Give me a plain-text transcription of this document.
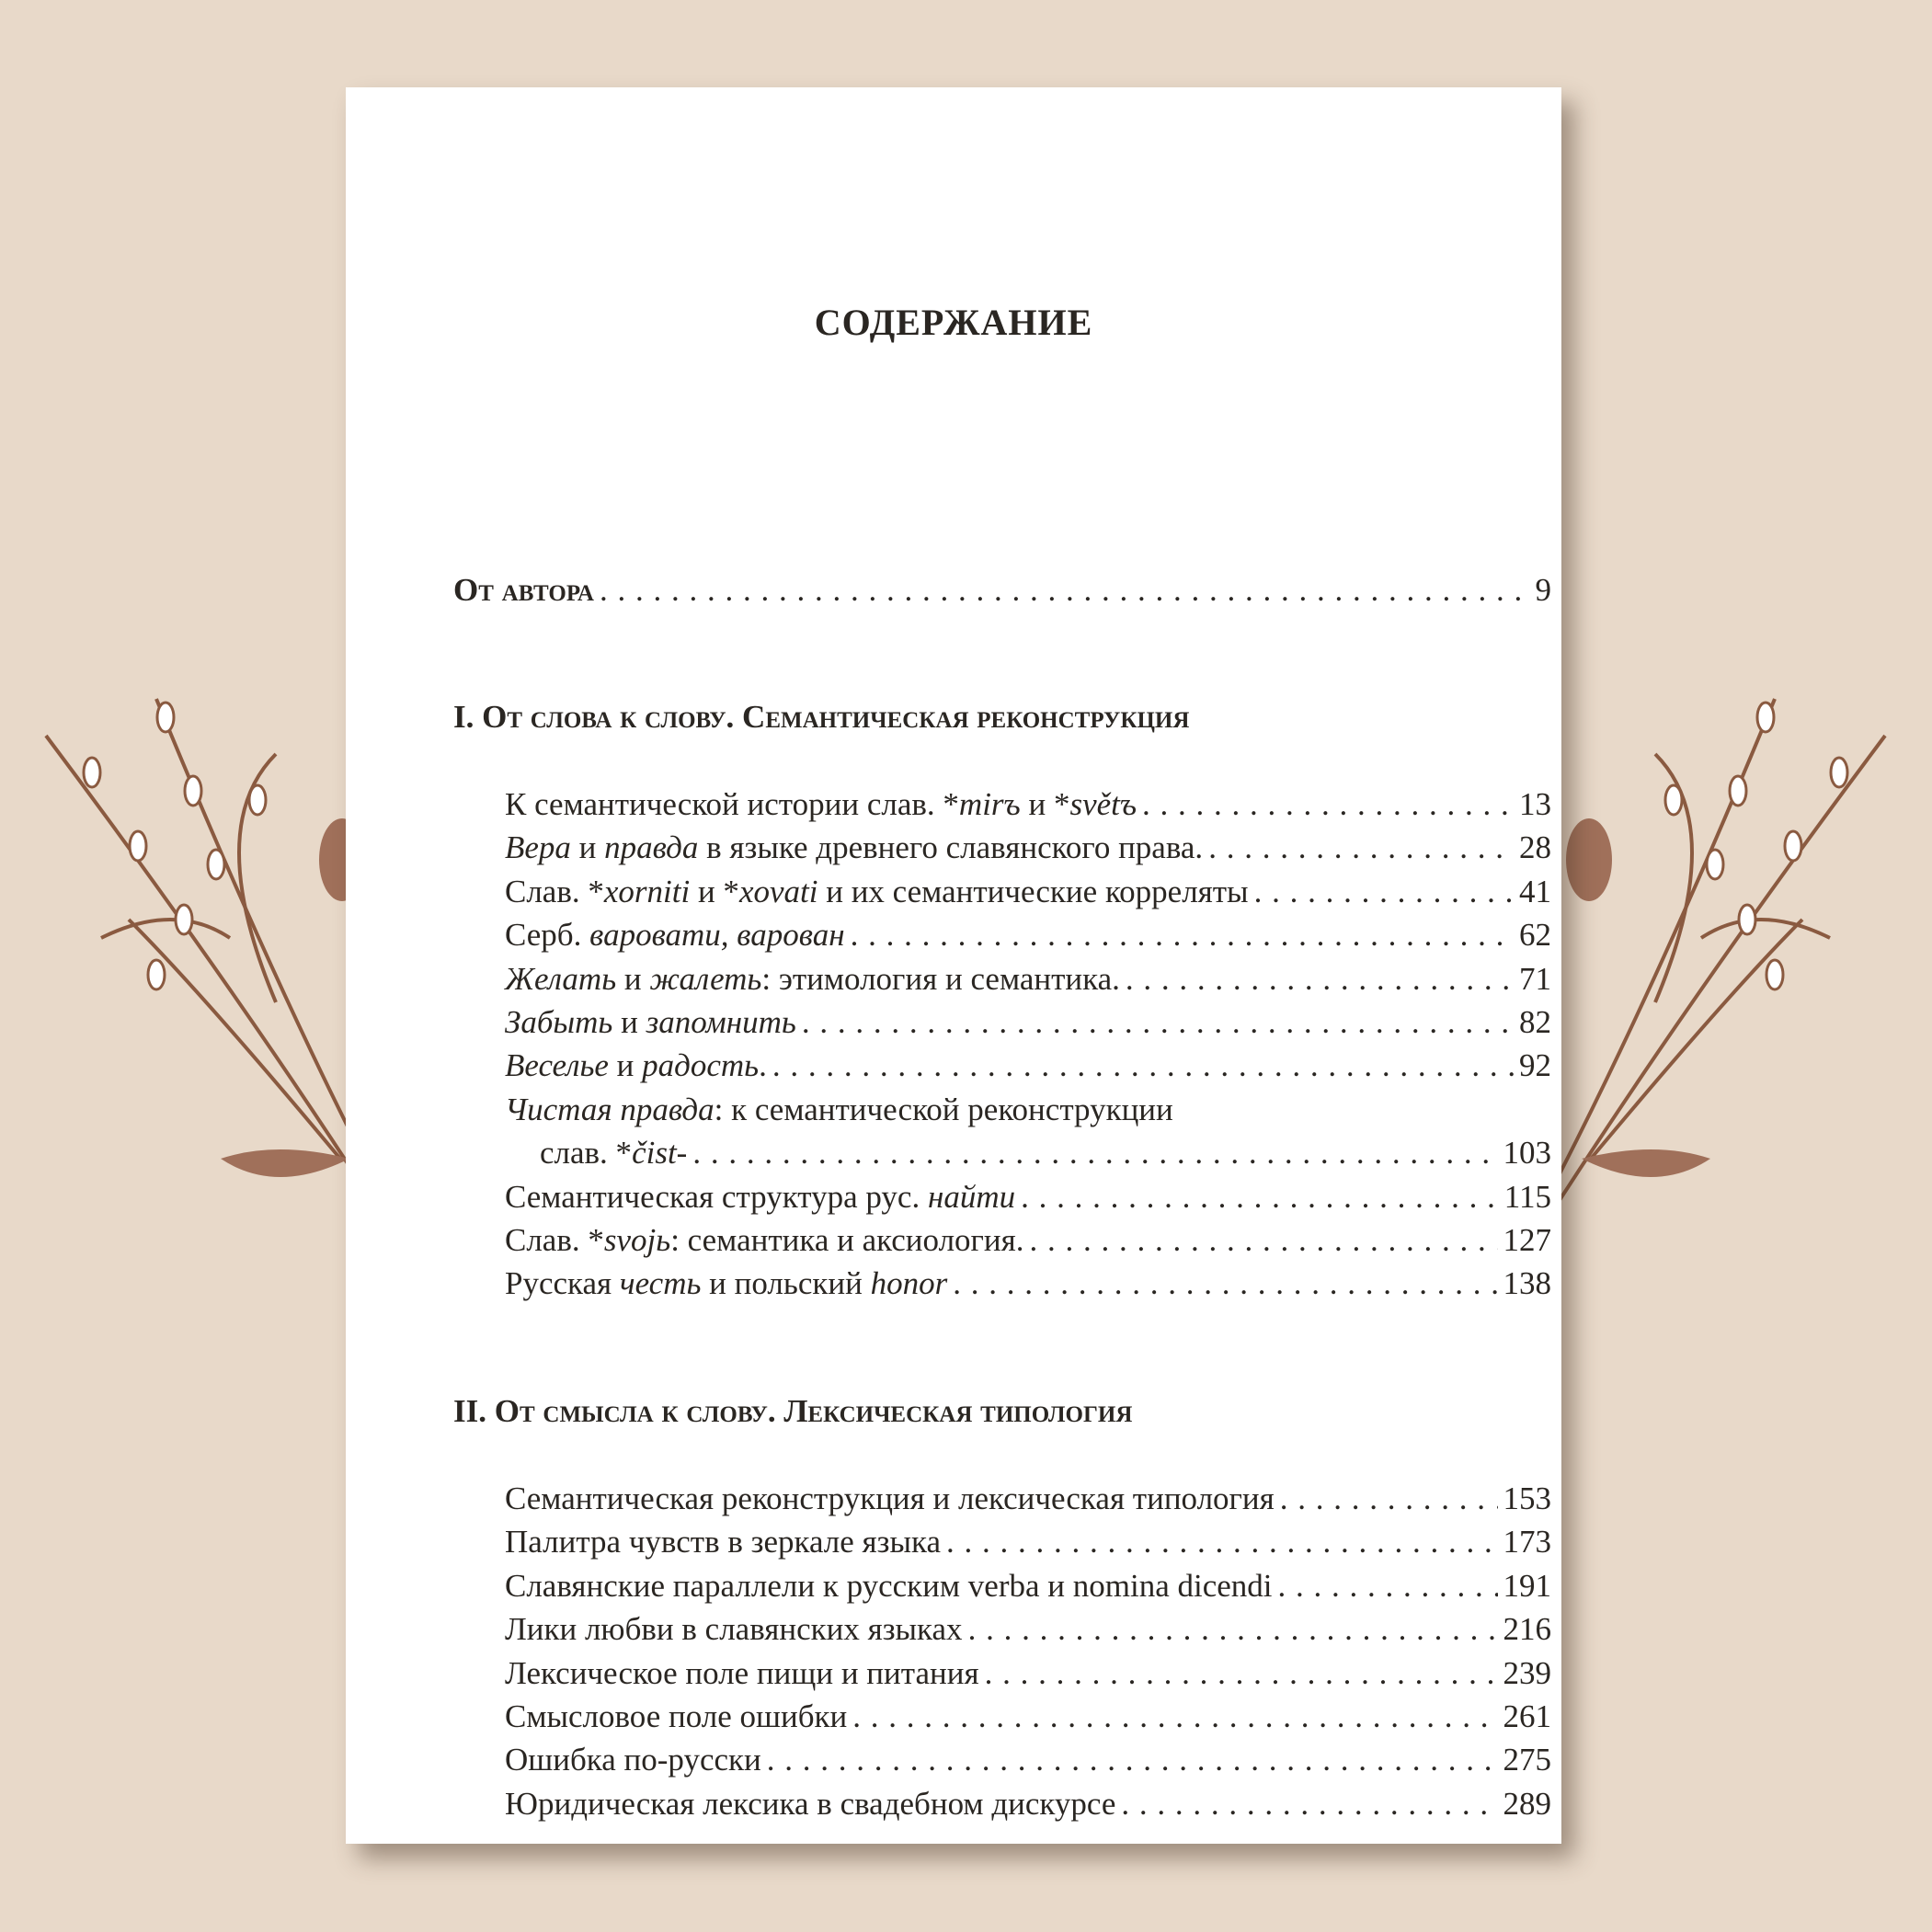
СОДЕРЖАНИЕ
От автора . . .	9
I. От слова к слову. Семантическая реконструкция
К семантической истории слав. *mirъ и *světъ . . .	13
Вера и правда в языке древнего славянского права. . . .	28
Слав. *xorniti и *xovati и их семантические корреляты . . .	41
Серб. варовати, варован . . .	62
Желать и жалеть: этимология и семантика. . . .	71
Забыть и запомнить . . .	82
Веселье и радость. . . .	92
Чистая правда: к семантической реконструкции
слав. *čist- . . .	103
Семантическая структура рус. найти . . .	115
Слав. *svojь: семантика и аксиология. . . .	127
Русская честь и польский honor . . .	138
II. От смысла к слову. Лексическая типология
Семантическая реконструкция и лексическая типология . . .	153
Палитра чувств в зеркале языка . . .	173
Славянские параллели к русским verba и nomina dicendi . . .	191
Лики любви в славянских языках . . .	216
Лексическое поле пищи и питания . . .	239
Смысловое поле ошибки . . .	261
Ошибка по-русски . . .	275
Юридическая лексика в свадебном дискурсе . . .	289
